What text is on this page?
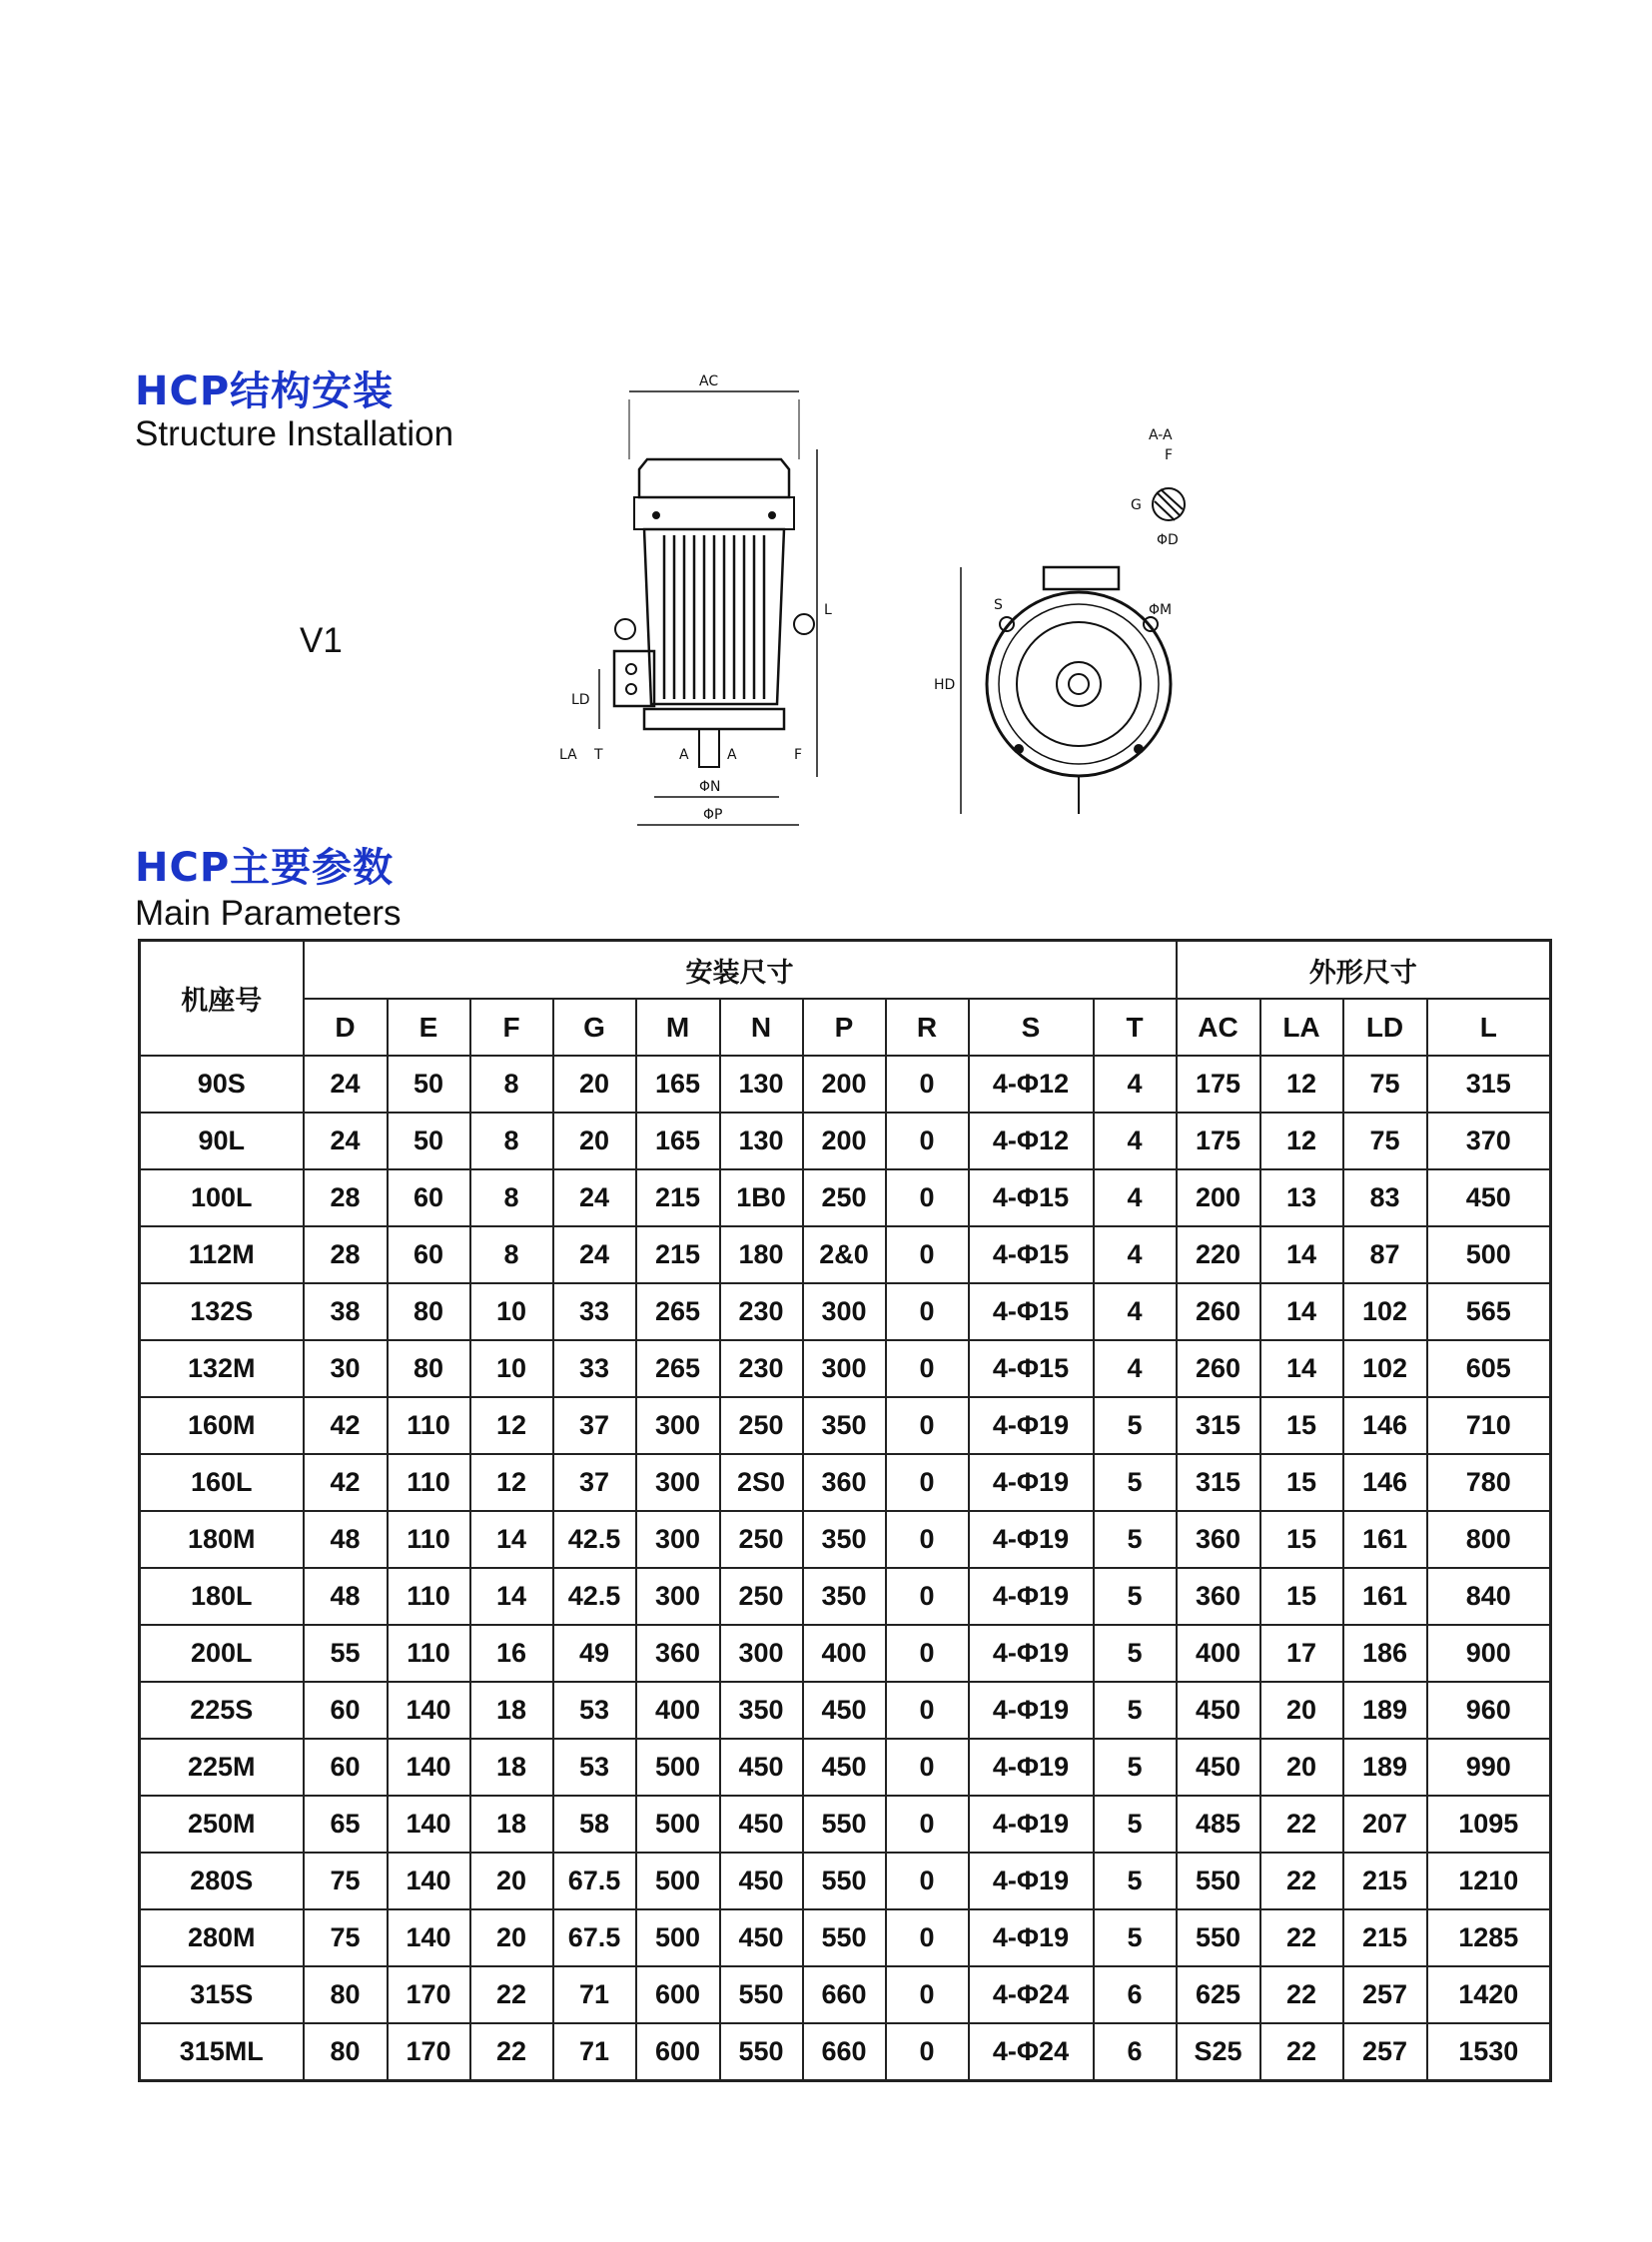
HCP结构安装
Structure Installation
V1
AC
L
LD
LA T	A	A	F
ΦN
ΦP
A-A
F
G
ΦD
HD
ΦM
S
HCP主要参数
Main Parameters
机座号	安装尺寸										外形尺寸			
	D	E	F	G	M	N	P	R	S	T	AC	LA	LD	L
90S	24	50	8	20	165	130	200	0	4-Φ12	4	175	12	75	315
90L	24	50	8	20	165	130	200	0	4-Φ12	4	175	12	75	370
100L	28	60	8	24	215	1B0	250	0	4-Φ15	4	200	13	83	450
112M	28	60	8	24	215	180	2&0	0	4-Φ15	4	220	14	87	500
132S	38	80	10	33	265	230	300	0	4-Φ15	4	260	14	102	565
132M	30	80	10	33	265	230	300	0	4-Φ15	4	260	14	102	605
160M	42	110	12	37	300	250	350	0	4-Φ19	5	315	15	146	710
160L	42	110	12	37	300	2S0	360	0	4-Φ19	5	315	15	146	780
180M	48	110	14	42.5	300	250	350	0	4-Φ19	5	360	15	161	800
180L	48	110	14	42.5	300	250	350	0	4-Φ19	5	360	15	161	840
200L	55	110	16	49	360	300	400	0	4-Φ19	5	400	17	186	900
225S	60	140	18	53	400	350	450	0	4-Φ19	5	450	20	189	960
225M	60	140	18	53	500	450	450	0	4-Φ19	5	450	20	189	990
250M	65	140	18	58	500	450	550	0	4-Φ19	5	485	22	207	1095
280S	75	140	20	67.5	500	450	550	0	4-Φ19	5	550	22	215	1210
280M	75	140	20	67.5	500	450	550	0	4-Φ19	5	550	22	215	1285
315S	80	170	22	71	600	550	660	0	4-Φ24	6	625	22	257	1420
315ML	80	170	22	71	600	550	660	0	4-Φ24	6	S25	22	257	1530
